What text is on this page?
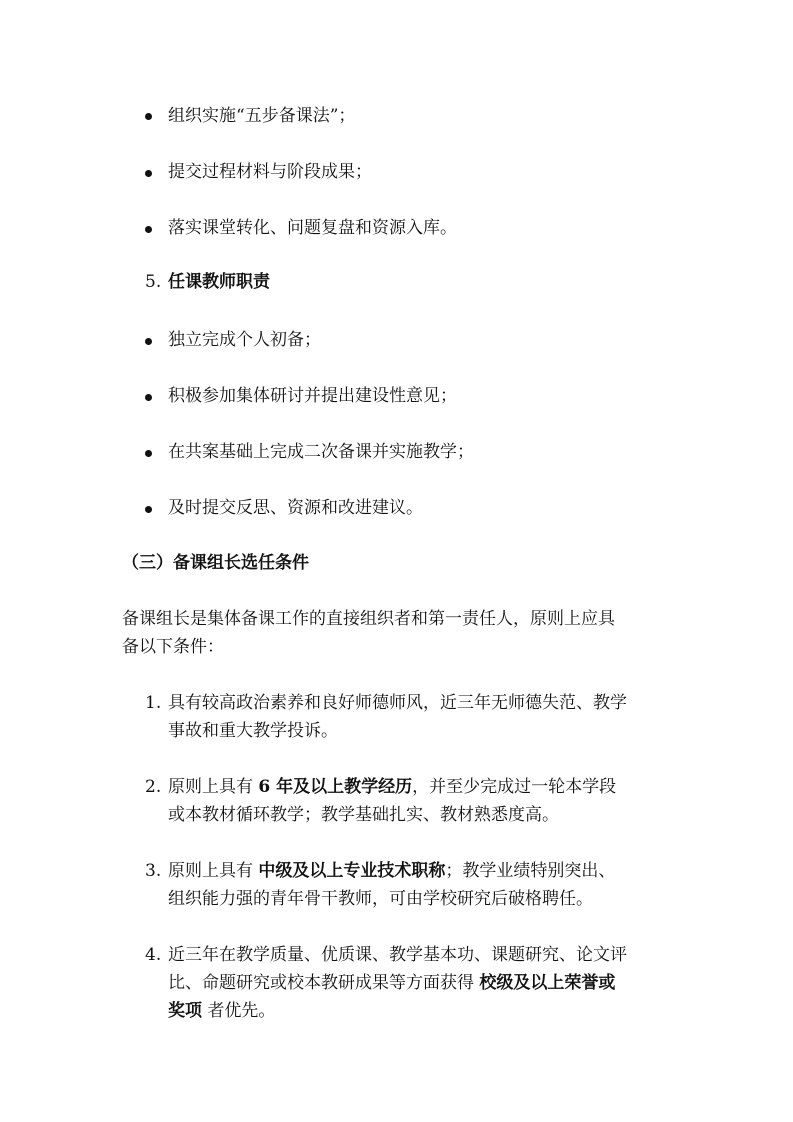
组织实施“五步备课法”；
提交过程材料与阶段成果；
落实课堂转化、问题复盘和资源入库。
5. 任课教师职责
独立完成个人初备；
积极参加集体研讨并提出建设性意见；
在共案基础上完成二次备课并实施教学；
及时提交反思、资源和改进建议。
（三）备课组长选任条件
备课组长是集体备课工作的直接组织者和第一责任人，原则上应具
备以下条件：
1. 具有较高政治素养和良好师德师风，近三年无师德失范、教学
事故和重大教学投诉。
2. 原则上具有 6 年及以上教学经历，并至少完成过一轮本学段
或本教材循环教学；教学基础扎实、教材熟悉度高。
3. 原则上具有 中级及以上专业技术职称；教学业绩特别突出、
组织能力强的青年骨干教师，可由学校研究后破格聘任。
4. 近三年在教学质量、优质课、教学基本功、课题研究、论文评
比、命题研究或校本教研成果等方面获得 校级及以上荣誉或
奖项 者优先。
